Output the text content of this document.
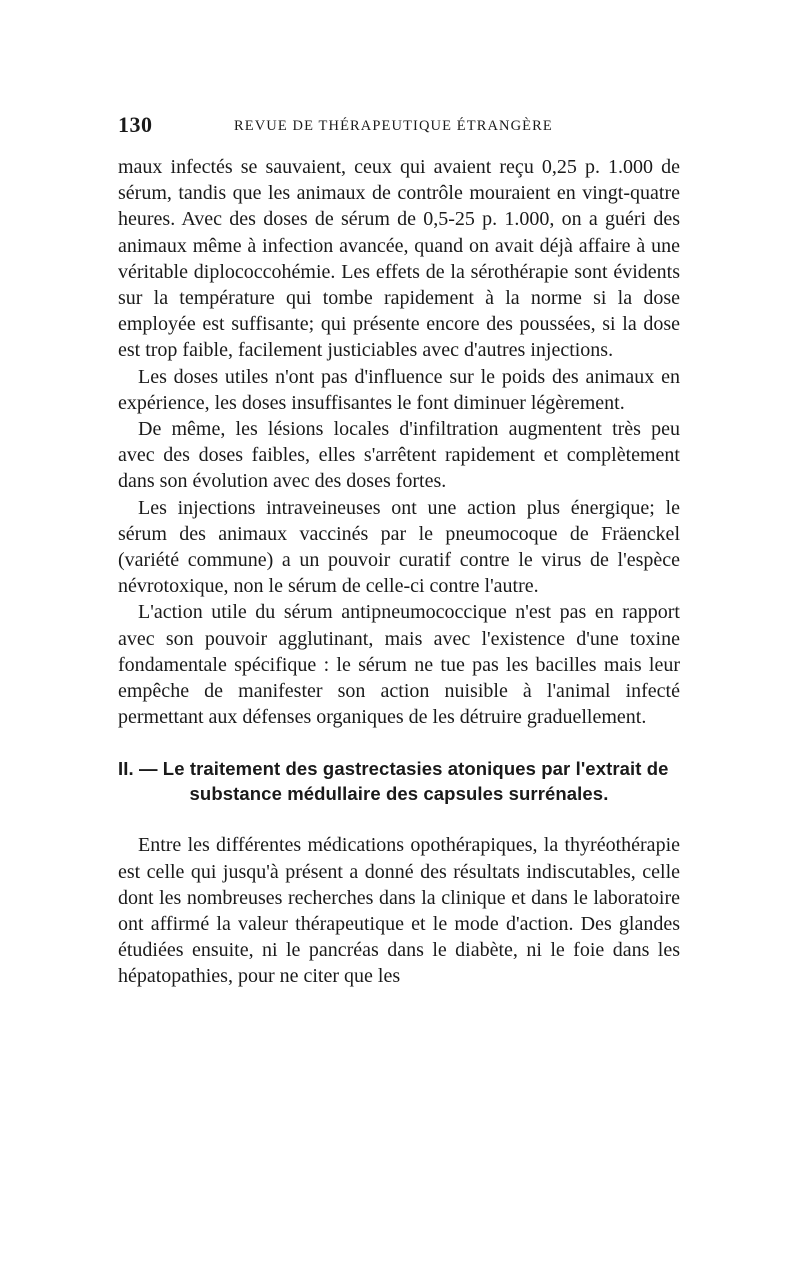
130	REVUE DE THÉRAPEUTIQUE ÉTRANGÈRE

maux infectés se sauvaient, ceux qui avaient reçu 0,25 p. 1.000 de sérum, tandis que les animaux de contrôle mouraient en vingt-quatre heures. Avec des doses de sérum de 0,5-25 p. 1.000, on a guéri des animaux même à infection avancée, quand on avait déjà affaire à une véritable diplococcohémie. Les effets de la sérothérapie sont évidents sur la température qui tombe rapidement à la norme si la dose employée est suffisante; qui présente encore des poussées, si la dose est trop faible, facilement justiciables avec d'autres injections.

Les doses utiles n'ont pas d'influence sur le poids des animaux en expérience, les doses insuffisantes le font diminuer légèrement.

De même, les lésions locales d'infiltration augmentent très peu avec des doses faibles, elles s'arrêtent rapidement et complètement dans son évolution avec des doses fortes.

Les injections intraveineuses ont une action plus énergique; le sérum des animaux vaccinés par le pneumocoque de Fräenckel (variété commune) a un pouvoir curatif contre le virus de l'espèce névrotoxique, non le sérum de celle-ci contre l'autre.

L'action utile du sérum antipneumococcique n'est pas en rapport avec son pouvoir agglutinant, mais avec l'existence d'une toxine fondamentale spécifique : le sérum ne tue pas les bacilles mais leur empêche de manifester son action nuisible à l'animal infecté permettant aux défenses organiques de les détruire graduellement.

II. — Le traitement des gastrectasies atoniques par l'extrait de
substance médullaire des capsules surrénales.

Entre les différentes médications opothérapiques, la thyréothérapie est celle qui jusqu'à présent a donné des résultats indiscutables, celle dont les nombreuses recherches dans la clinique et dans le laboratoire ont affirmé la valeur thérapeutique et le mode d'action. Des glandes étudiées ensuite, ni le pancréas dans le diabète, ni le foie dans les hépatopathies, pour ne citer que les
